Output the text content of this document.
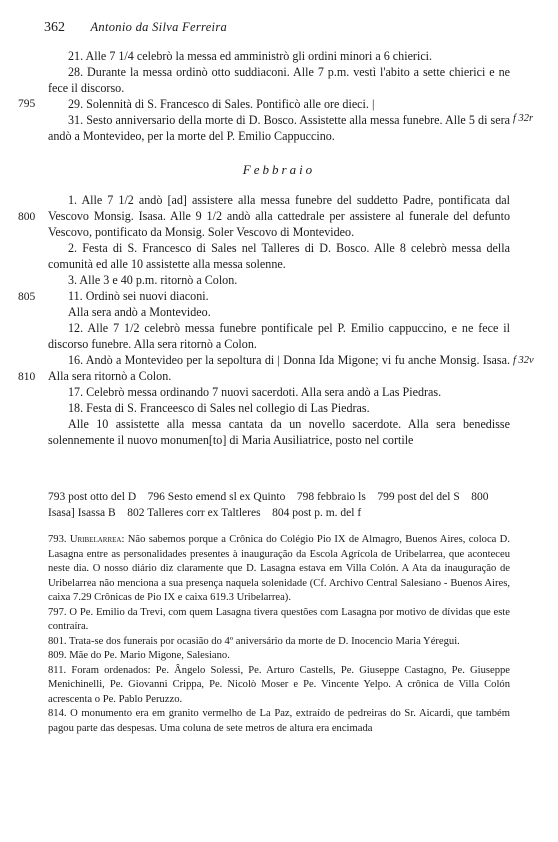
362 Antonio da Silva Ferreira
795
800
805
810
f 32r
f 32v

21. Alle 7 1/4 celebrò la messa ed amministrò gli ordini minori a 6 chierici.

28. Durante la messa ordinò otto suddiaconi. Alle 7 p.m. vestì l'abito a sette chierici e ne fece il discorso.

29. Solennità di S. Francesco di Sales. Pontificò alle ore dieci. |

31. Sesto anniversario della morte di D. Bosco. Assistette alla messa funebre. Alle 5 di sera andò a Montevideo, per la morte del P. Emilio Cappuccino.

Febbraio

1. Alle 7 1/2 andò [ad] assistere alla messa funebre del suddetto Padre, pontificata dal Vescovo Monsig. Isasa. Alle 9 1/2 andò alla cattedrale per assistere al funerale del defunto Vescovo, pontificato da Monsig. Soler Vescovo di Montevideo.

2. Festa di S. Francesco di Sales nel Talleres di D. Bosco. Alle 8 celebrò messa della comunità ed alle 10 assistette alla messa solenne.

3. Alle 3 e 40 p.m. ritornò a Colon.

11. Ordinò sei nuovi diaconi.

Alla sera andò a Montevideo.

12. Alle 7 1/2 celebrò messa funebre pontificale pel P. Emilio cappuccino, e ne fece il discorso funebre. Alla sera ritornò a Colon.

16. Andò a Montevideo per la sepoltura di | Donna Ida Migone; vi fu anche Monsig. Isasa. Alla sera ritornò a Colon.

17. Celebrò messa ordinando 7 nuovi sacerdoti. Alla sera andò a Las Piedras.

18. Festa di S. Franceesco di Sales nel collegio di Las Piedras.

Alle 10 assistette alla messa cantata da un novello sacerdote. Alla sera benedisse solennemente il nuovo monumen[to] di Maria Ausiliatrice, posto nel cortile

793 post otto del D 796 Sesto emend sl ex Quinto 798 febbraio ls 799 post del del S 800 Isasa] Isassa B 802 Talleres corr ex Taltleres 804 post p. m. del f

793. Uribelarrea: Não sabemos porque a Crônica do Colégio Pio IX de Almagro, Buenos Aires, coloca D. Lasagna entre as personalidades presentes à inauguração da Escola Agrícola de Uribelarrea, que aconteceu neste dia. O nosso diário diz claramente que D. Lasagna estava em Villa Colón. A Ata da inauguração de Uribelarrea não menciona a sua presença naquela solenidade (Cf. Archivo Central Salesiano - Buenos Aires, caixa 7.29 Crônicas de Pio IX e caixa 619.3 Uribelarrea).

797. O Pe. Emilio da Trevi, com quem Lasagna tivera questões com Lasagna por motivo de dívidas que este contraíra.

801. Trata-se dos funerais por ocasião do 4º aniversário da morte de D. Inocencio Maria Yéregui.

809. Mãe do Pe. Mario Migone, Salesiano.

811. Foram ordenados: Pe. Ângelo Solessi, Pe. Arturo Castells, Pe. Giuseppe Castagno, Pe. Giuseppe Menichinelli, Pe. Giovanni Crippa, Pe. Nicolò Moser e Pe. Vincente Yelpo. A crônica de Villa Colón acrescenta o Pe. Pablo Peruzzo.

814. O monumento era em granito vermelho de La Paz, extraído de pedreiras do Sr. Aicardi, que também pagou parte das despesas. Uma coluna de sete metros de altura era encimada
